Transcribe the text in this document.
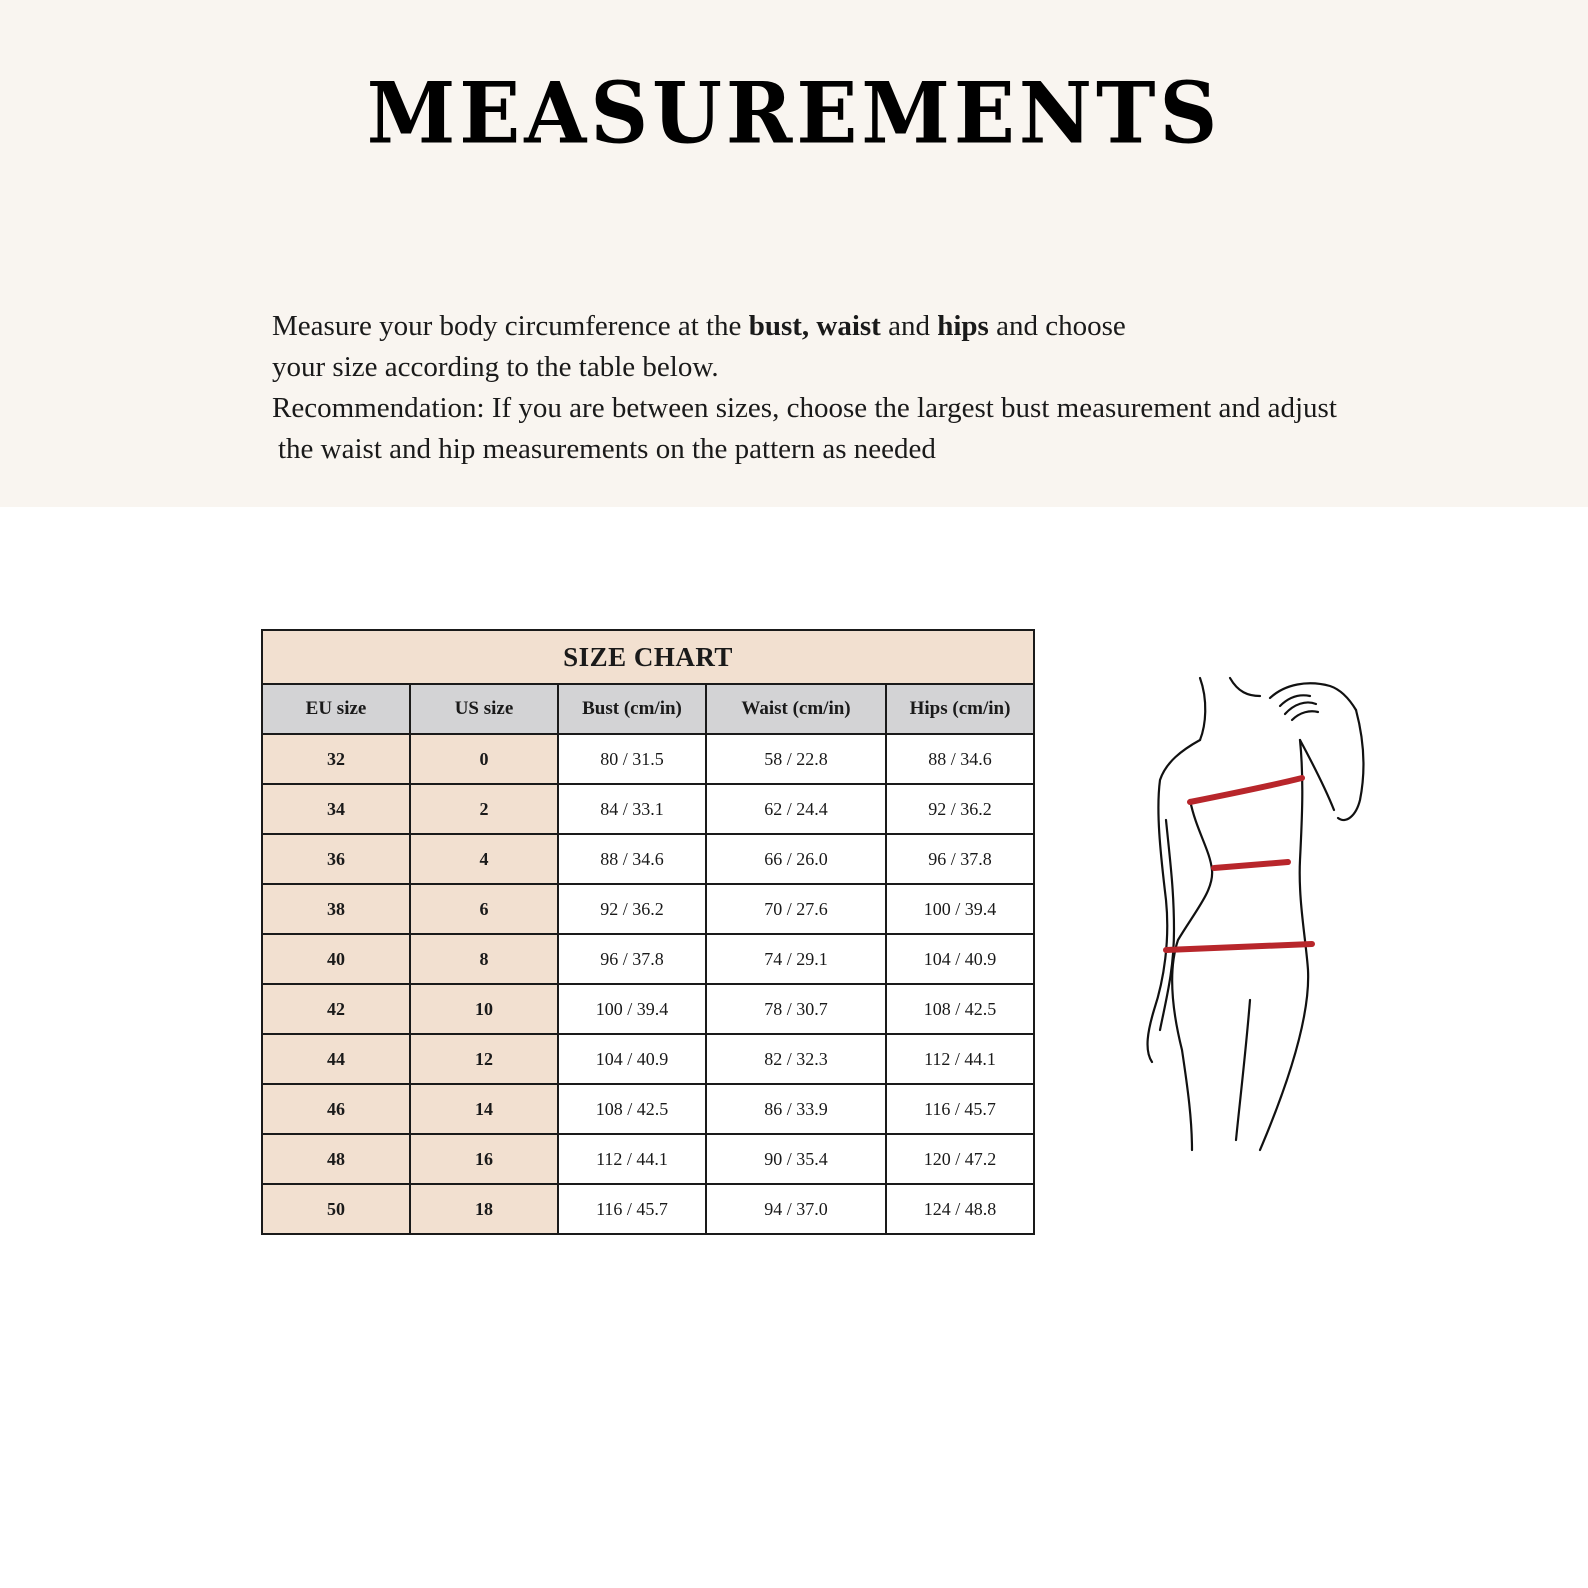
MEASUREMENTS

Measure your body circumference at the bust, waist and hips and choose

your size according to the table below.

Recommendation: If you are between sizes, choose the largest bust measurement and adjust

the waist and hip measurements on the pattern as needed

SIZE CHART				
EU size	US size	Bust (cm/in)	Waist (cm/in)	Hips (cm/in)
32	0	80 / 31.5	58 / 22.8	88 / 34.6
34	2	84 / 33.1	62 / 24.4	92 / 36.2
36	4	88 / 34.6	66 / 26.0	96 / 37.8
38	6	92 / 36.2	70 / 27.6	100 / 39.4
40	8	96 / 37.8	74 / 29.1	104 / 40.9
42	10	100 / 39.4	78 / 30.7	108 / 42.5
44	12	104 / 40.9	82 / 32.3	112 / 44.1
46	14	108 / 42.5	86 / 33.9	116 / 45.7
48	16	112 / 44.1	90 / 35.4	120 / 47.2
50	18	116 / 45.7	94 / 37.0	124 / 48.8
